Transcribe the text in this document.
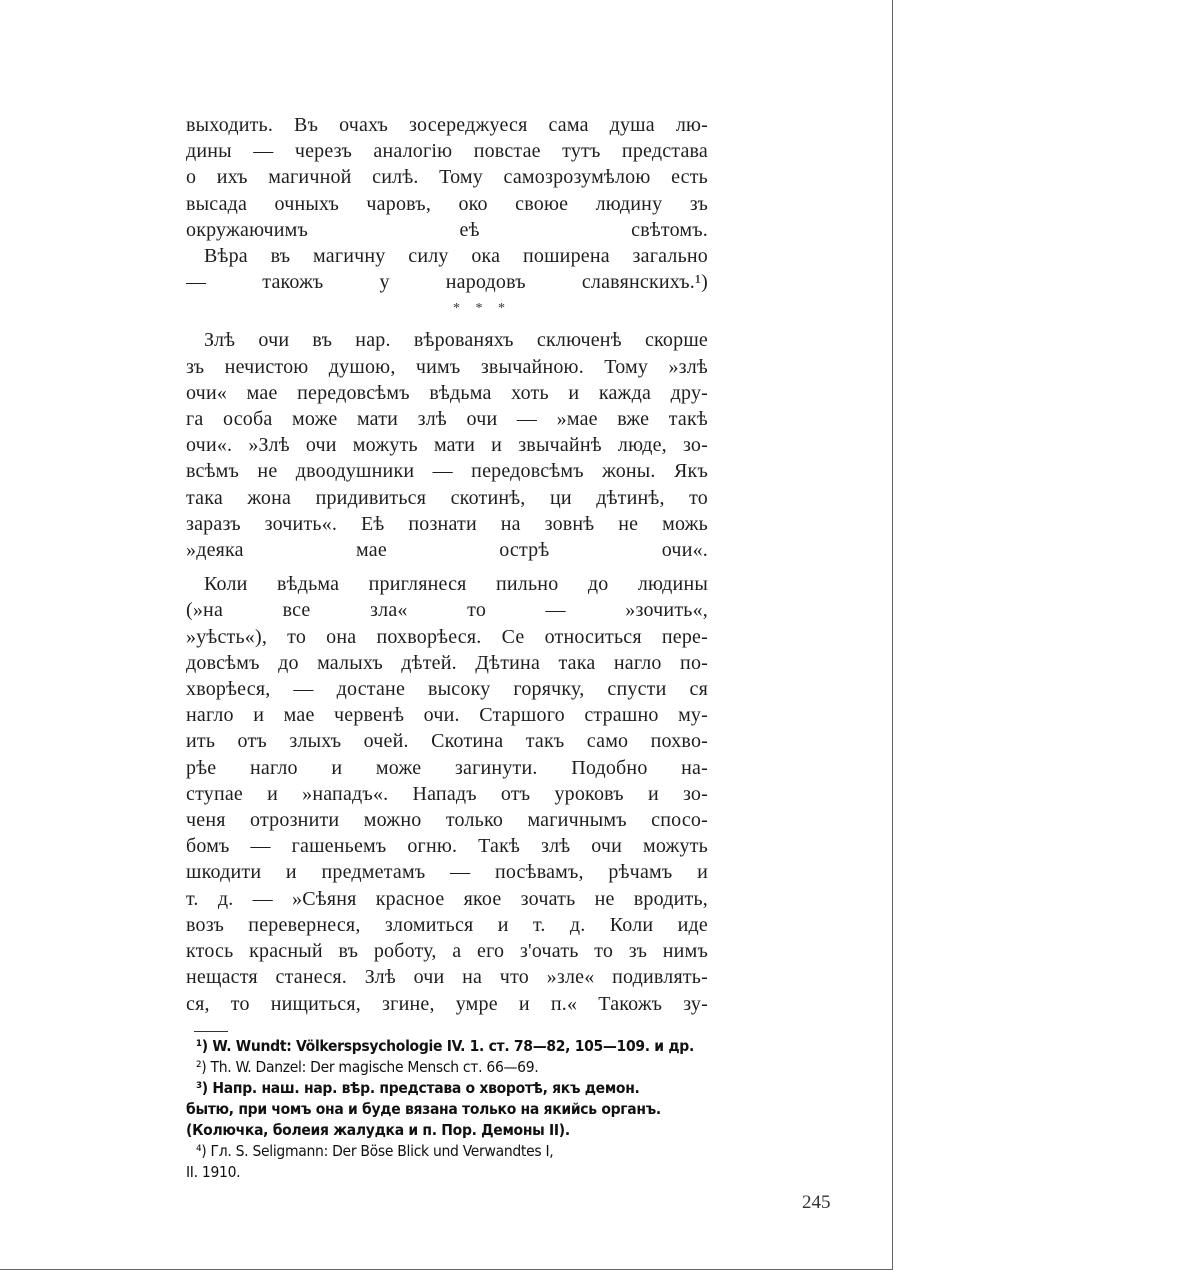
выходить. Въ очахъ зосереджуеся сама душа лю-
дины — черезъ аналогію повстае тутъ представа
о ихъ магичной силѣ. Тому самозрозумѣлою есть
высада очныхъ чаровъ, око своюе людину зъ
окружаючимъ еѣ свѣтомъ.
Вѣра въ магичну силу ока поширена загально
— такожъ у народовъ славянскихъ.¹)
* * *
Злѣ очи въ нар. вѣрованяхъ сключенѣ скорше
зъ нечистою душою, чимъ звычайною. Тому »злѣ
очи« мае передовсѣмъ вѣдьма хоть и кажда дру-
га особа може мати злѣ очи — »мае вже такѣ
очи«. »Злѣ очи можуть мати и звычайнѣ люде, зо-
всѣмъ не двоодушники — передовсѣмъ жоны. Якъ
така жона придивиться скотинѣ, ци дѣтинѣ, то
заразъ зочить«. Еѣ познати на зовнѣ не можь
»деяка мае острѣ очи«.
Коли вѣдьма приглянеся пильно до людины
(»на все зла« то — »зочить«,
»уѣсть«), то она похворѣеся. Се относиться пере-
довсѣмъ до малыхъ дѣтей. Дѣтина така нагло по-
хворѣеся, — достане высоку горячку, спусти ся
нагло и мае червенѣ очи. Старшого страшно му-
ить отъ злыхъ очей. Скотина такъ само похво-
рѣе нагло и може загинути. Подобно на-
ступае и »нападъ«. Нападъ отъ уроковъ и зо-
ченя отрознити можно только магичнымъ спосо-
бомъ — гашеньемъ огню. Такѣ злѣ очи можуть
шкодити и предметамъ — посѣвамъ, рѣчамъ и
т. д. — »Сѣяня красное якое зочать не вродить,
возъ перевернеся, зломиться и т. д. Коли иде
ктось красный въ роботу, а его з'очать то зъ нимъ
нещастя станеся. Злѣ очи на что »зле« подивлять-
ся, то нищиться, згине, умре и п.« Такожъ зу-
¹) W. Wundt: Völkerspsychologie IV. 1. ст. 78—82, 105—109. и др.
²) Th. W. Danzel: Der magische Mensch ст. 66—69.
³) Напр. наш. нар. вѣр. представа о хворотѣ, якъ демон.
бытю, при чомъ она и буде вязана только на якийсь органъ.
(Колючка, болеия жалудка и п. Пор. Демоны II).
⁴) Гл. S. Seligmann: Der Böse Blick und Verwandtes I,
II. 1910.
245
